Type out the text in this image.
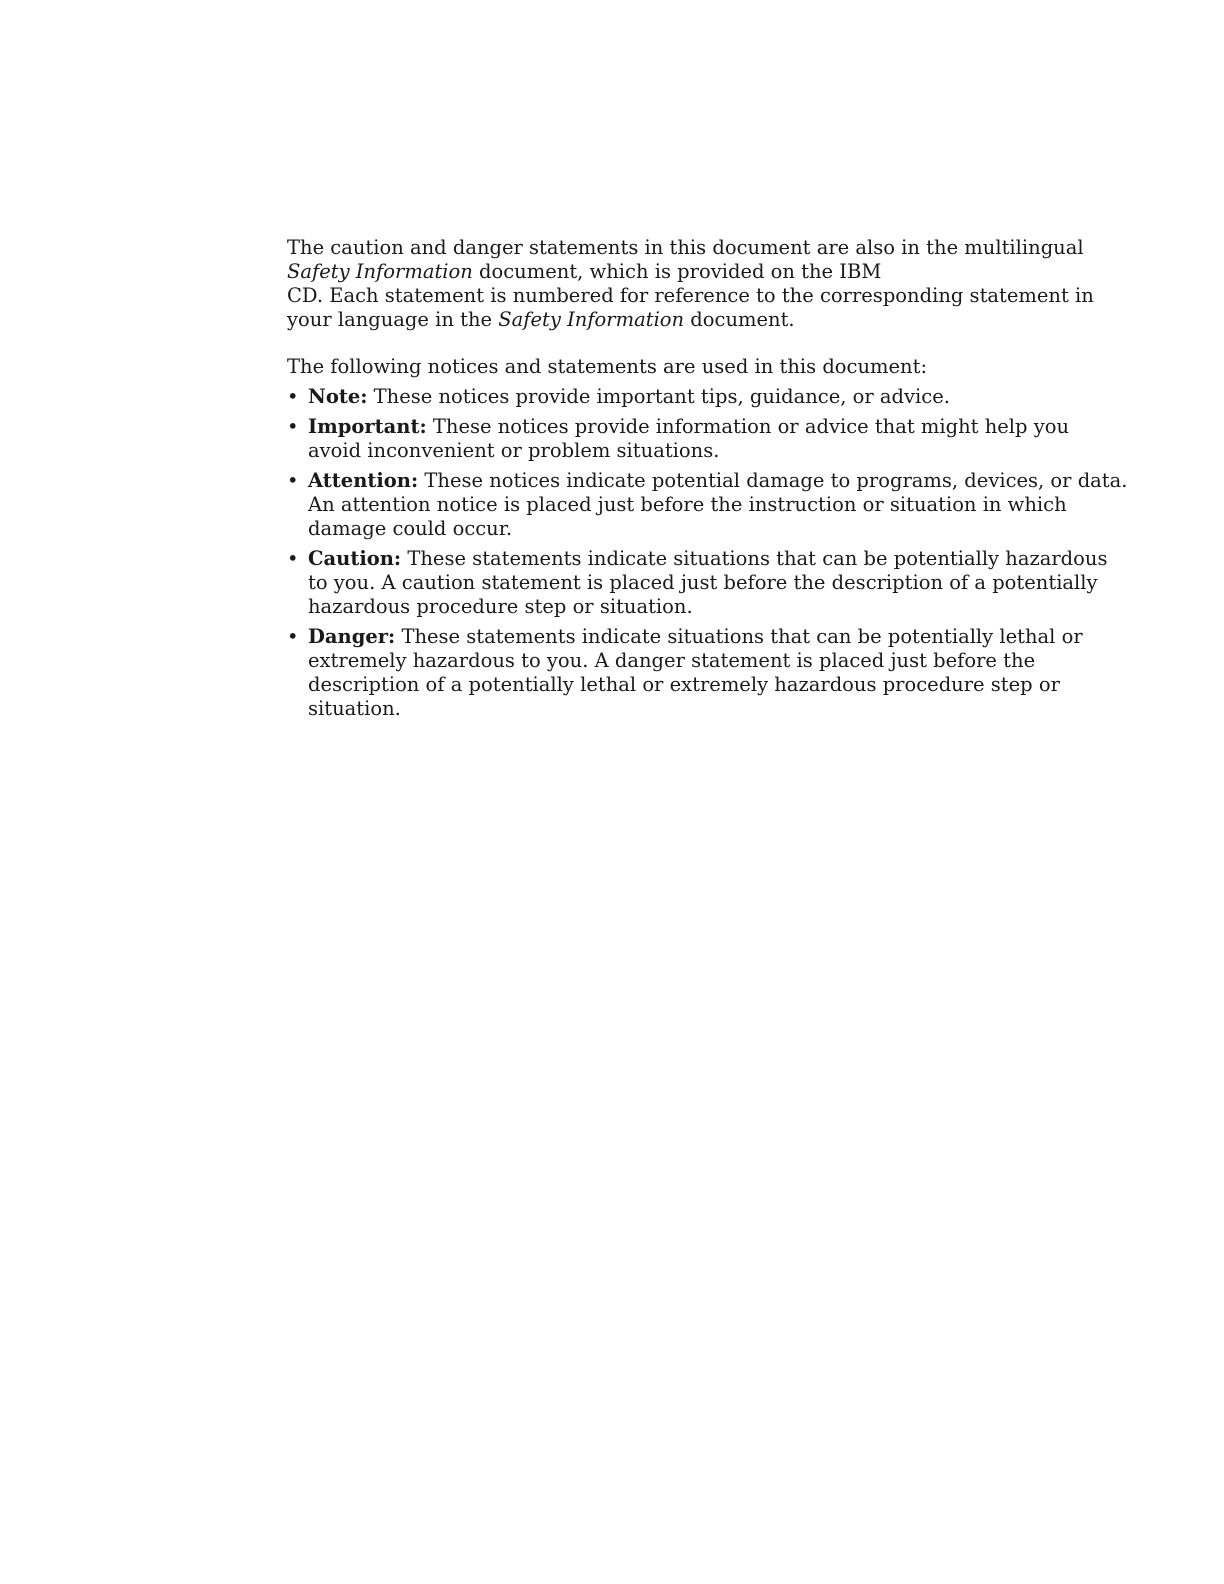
The caution and danger statements in this document are also in the multilingual

Safety Information document, which is provided on the IBM

CD. Each statement is numbered for reference to the corresponding statement in

your language in the Safety Information document.

The following notices and statements are used in this document:

• Note: These notices provide important tips, guidance, or advice.
• Important: These notices provide information or advice that might help you
avoid inconvenient or problem situations.
• Attention: These notices indicate potential damage to programs, devices, or data.
An attention notice is placed just before the instruction or situation in which
damage could occur.
• Caution: These statements indicate situations that can be potentially hazardous
to you. A caution statement is placed just before the description of a potentially
hazardous procedure step or situation.
• Danger: These statements indicate situations that can be potentially lethal or
extremely hazardous to you. A danger statement is placed just before the
description of a potentially lethal or extremely hazardous procedure step or
situation.
